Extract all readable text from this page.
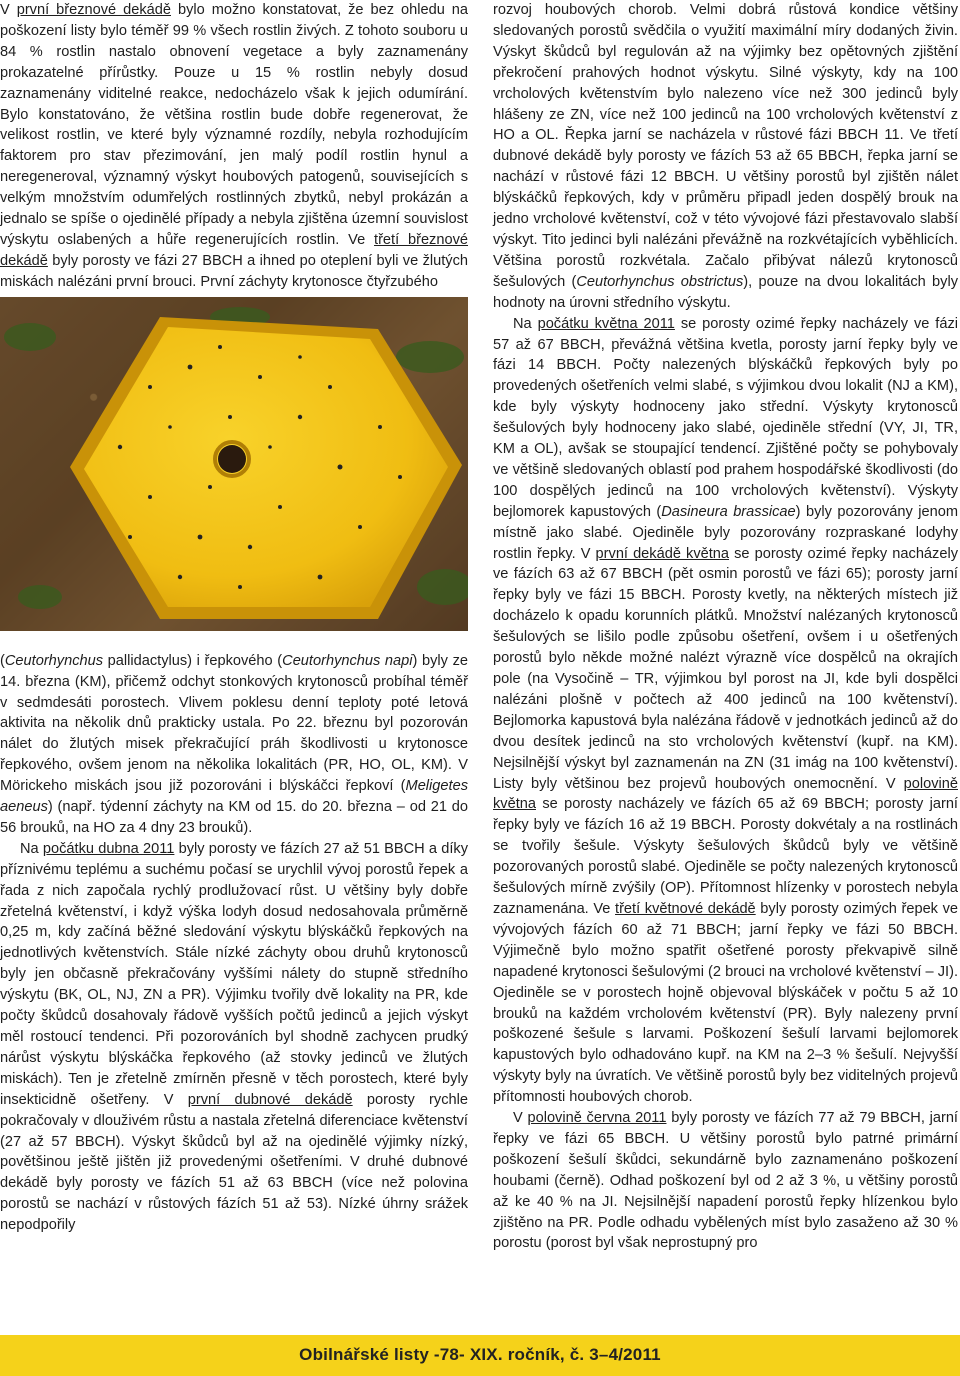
V první březnové dekádě bylo možno konstatovat, že bez ohledu na poškození listy bylo téměř 99 % všech rostlin živých. Z tohoto souboru u 84 % rostlin nastalo obnovení vegetace a byly zaznamenány prokazatelné přírůstky. Pouze u 15 % rostlin nebyly dosud zaznamenány viditelné reakce, nedocházelo však k jejich odumírání. Bylo konstatováno, že většina rostlin bude dobře regenerovat, že velikost rostlin, ve které byly významné rozdíly, nebyla rozhodujícím faktorem pro stav přezimování, jen malý podíl rostlin hynul a neregeneroval, významný výskyt houbových patogenů, souvisejících s velkým množstvím odumřelých rostlinných zbytků, nebyl prokázán a jednalo se spíše o ojedinělé případy a nebyla zjištěna územní souvislost výskytu oslabených a hůře regenerujících rostlin. Ve třetí březnové dekádě byly porosty ve fázi 27 BBCH a ihned po oteplení byli ve žlutých miskách nalézáni první brouci. První záchyty krytonosce čtyřzubého

(Ceutorhynchus pallidactylus) i řepkového (Ceutorhynchus napi) byly ze 14. března (KM), přičemž odchyt stonkových krytonosců probíhal téměř v sedmdesáti porostech. Vlivem poklesu denní teploty poté letová aktivita na několik dnů prakticky ustala. Po 22. březnu byl pozorován nálet do žlutých misek překračující práh škodlivosti u krytonosce řepkového, ovšem jenom na několika lokalitách (PR, HO, OL, KM). V Mörickeho miskách jsou již pozorováni i blýskáčci řepkoví (Meligetes aeneus) (např. týdenní záchyty na KM od 15. do 20. března – od 21 do 56 brouků, na HO za 4 dny 23 brouků).

Na počátku dubna 2011 byly porosty ve fázích 27 až 51 BBCH a díky příznivému teplému a suchému počasí se urychlil vývoj porostů řepek a řada z nich započala rychlý prodlužovací růst. U většiny byly dobře zřetelná květenství, i když výška lodyh dosud nedosahovala průměrně 0,25 m, kdy začíná běžné sledování výskytu blýskáčků řepkových na jednotlivých květenstvích. Stále nízké záchyty obou druhů krytonosců byly jen občasně překračovány vyššími nálety do stupně středního výskytu (BK, OL, NJ, ZN a PR). Výjimku tvořily dvě lokality na PR, kde počty škůdců dosahovaly řádově vyšších počtů jedinců a jejich výskyt měl rostoucí tendenci. Při pozorováních byl shodně zachycen prudký nárůst výskytu blýskáčka řepkového (až stovky jedinců ve žlutých miskách). Ten je zřetelně zmírněn přesně v těch porostech, které byly insekticidně ošetřeny. V první dubnové dekádě porosty rychle pokračovaly v dlouživém růstu a nastala zřetelná diferenciace květenství (27 až 57 BBCH). Výskyt škůdců byl až na ojedinělé výjimky nízký, povětšinou ještě jištěn již provedenými ošetřeními. V druhé dubnové dekádě byly porosty ve fázích 51 až 63 BBCH (více než polovina porostů se nachází v růstových fázích 51 až 53). Nízké úhrny srážek nepodpořily

rozvoj houbových chorob. Velmi dobrá růstová kondice většiny sledovaných porostů svědčila o využití maximální míry dodaných živin. Výskyt škůdců byl regulován až na výjimky bez opětovných zjištění překročení prahových hodnot výskytu. Silné výskyty, kdy na 100 vrcholových květenstvím bylo nalezeno více než 300 jedinců byly hlášeny ze ZN, více než 100 jedinců na 100 vrcholových květenství z HO a OL. Řepka jarní se nacházela v růstové fázi BBCH 11. Ve třetí dubnové dekádě byly porosty ve fázích 53 až 65 BBCH, řepka jarní se nachází v růstové fázi 12 BBCH. U většiny porostů byl zjištěn nálet blýskáčků řepkových, kdy v průměru připadl jeden dospělý brouk na jedno vrcholové květenství, což v této vývojové fázi přestavovalo slabší výskyt. Tito jedinci byli nalézáni převážně na rozkvétajících vyběhlicích. Většina porostů rozkvétala. Začalo přibývat nálezů krytonosců šešulových (Ceutorhynchus obstrictus), pouze na dvou lokalitách byly hodnoty na úrovni středního výskytu.

Na počátku května 2011 se porosty ozimé řepky nacházely ve fázi 57 až 67 BBCH, převážná většina kvetla, porosty jarní řepky byly ve fázi 14 BBCH. Počty nalezených blýskáčků řepkových byly po provedených ošetřeních velmi slabé, s výjimkou dvou lokalit (NJ a KM), kde byly výskyty hodnoceny jako střední. Výskyty krytonosců šešulových byly hodnoceny jako slabé, ojediněle střední (VY, JI, TR, KM a OL), avšak se stoupající tendencí. Zjištěné počty se pohybovaly ve většině sledovaných oblastí pod prahem hospodářské škodlivosti (do 100 dospělých jedinců na 100 vrcholových květenství). Výskyty bejlomorek kapustových (Dasineura brassicae) byly pozorovány jenom místně jako slabé. Ojediněle byly pozorovány rozpraskané lodyhy rostlin řepky. V první dekádě května se porosty ozimé řepky nacházely ve fázích 63 až 67 BBCH (pět osmin porostů ve fázi 65); porosty jarní řepky byly ve fázi 15 BBCH. Porosty kvetly, na některých místech již docházelo k opadu korunních plátků. Množství nalézaných krytonosců šešulových se lišilo podle způsobu ošetření, ovšem i u ošetřených porostů bylo někde možné nalézt výrazně více dospělců na okrajích pole (na Vysočině – TR, výjimkou byl porost na JI, kde byli dospělci nalézáni plošně v počtech až 400 jedinců na 100 květenství). Bejlomorka kapustová byla nalézána řádově v jednotkách jedinců až do dvou desítek jedinců na sto vrcholových květenství (kupř. na KM). Nejsilnější výskyt byl zaznamenán na ZN (31 imág na 100 květenství). Listy byly většinou bez projevů houbových onemocnění. V polovině května se porosty nacházely ve fázích 65 až 69 BBCH; porosty jarní řepky byly ve fázích 16 až 19 BBCH. Porosty dokvétaly a na rostlinách se tvořily šešule. Výskyty šešulových škůdců byly ve většině pozorovaných porostů slabé. Ojediněle se počty nalezených krytonosců šešulových mírně zvýšily (OP). Přítomnost hlízenky v porostech nebyla zaznamenána. Ve třetí květnové dekádě byly porosty ozimých řepek ve vývojových fázích 60 až 71 BBCH; jarní řepky ve fázi 50 BBCH. Výjimečně bylo možno spatřit ošetřené porosty překvapivě silně napadené krytonosci šešulovými (2 brouci na vrcholové květenství – JI). Ojediněle se v porostech hojně objevoval blýskáček v počtu 5 až 10 brouků na každém vrcholovém květenství (PR). Byly nalezeny první poškozené šešule s larvami. Poškození šešulí larvami bejlomorek kapustových bylo odhadováno kupř. na KM na 2–3 % šešulí. Nejvyšší výskyty byly na úvratích. Ve většině porostů byly bez viditelných projevů přítomnosti houbových chorob.

V polovině června 2011 byly porosty ve fázích 77 až 79 BBCH, jarní řepky ve fázi 65 BBCH. U většiny porostů bylo patrné primární poškození šešulí škůdci, sekundárně bylo zaznamenáno poškození houbami (černě). Odhad poškození byl od 2 až 3 %, u většiny porostů až ke 40 % na JI. Nejsilnější napadení porostů řepky hlízenkou bylo zjištěno na PR. Podle odhadu vybělených míst bylo zasaženo až 30 % porostu (porost byl však neprostupný pro

Obilnářské listy -78- XIX. ročník, č. 3–4/2011
